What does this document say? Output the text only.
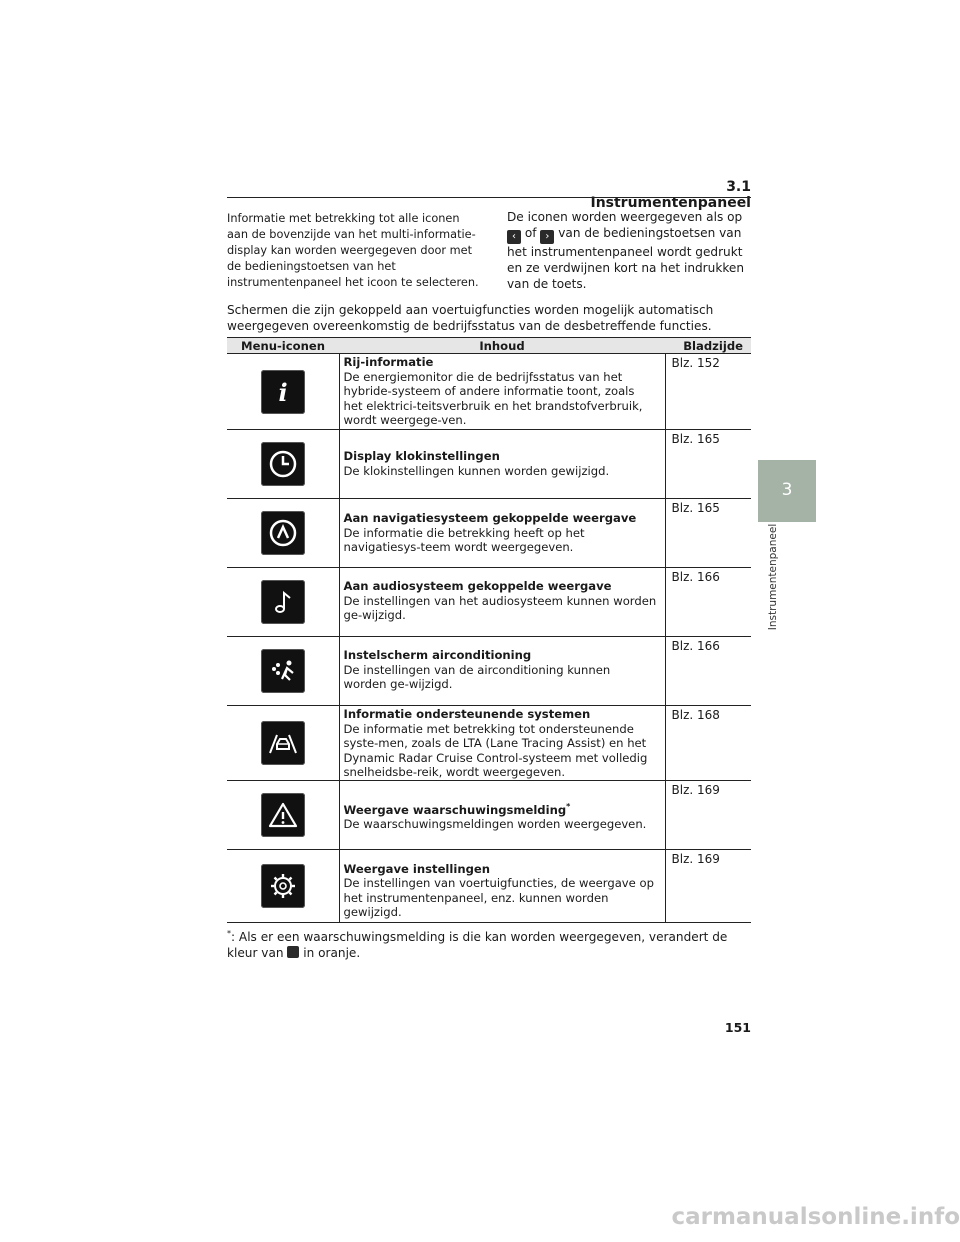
3.1 Instrumentenpaneel

Informatie met betrekking tot alle iconen aan de bovenzijde van het multi-informatie-display kan worden weergegeven door met de bedieningstoetsen van het instrumentenpaneel het icoon te selecteren.

De iconen worden weergegeven als op ‹ of › van de bedieningstoetsen van het instrumentenpaneel wordt gedrukt en ze verdwijnen kort na het indrukken van de toets.

Schermen die zijn gekoppeld aan voertuigfuncties worden mogelijk automatisch weergegeven overeenkomstig de bedrijfsstatus van de desbetreffende functies.

Menu-iconen	Inhoud	Bladzijde

i	Rij-informatie
De energiemonitor die de bedrijfsstatus van het hybride-systeem of andere informatie toont, zoals het elektrici-teitsverbruik en het brandstofverbruik, wordt weergege-ven.	Blz. 152

Display klokinstellingen
De klokinstellingen kunnen worden gewijzigd.	Blz. 165

Aan navigatiesysteem gekoppelde weergave
De informatie die betrekking heeft op het navigatiesys-teem wordt weergegeven.	Blz. 165

Aan audiosysteem gekoppelde weergave
De instellingen van het audiosysteem kunnen worden ge-wijzigd.	Blz. 166

Instelscherm airconditioning
De instellingen van de airconditioning kunnen worden ge-wijzigd.	Blz. 166

Informatie ondersteunende systemen
De informatie met betrekking tot ondersteunende syste-men, zoals de LTA (Lane Tracing Assist) en het Dynamic Radar Cruise Control-systeem met volledig snelheidsbe-reik, wordt weergegeven.	Blz. 168

Weergave waarschuwingsmelding*
De waarschuwingsmeldingen worden weergegeven.	Blz. 169

Weergave instellingen
De instellingen van voertuigfuncties, de weergave op het instrumentenpaneel, enz. kunnen worden gewijzigd.	Blz. 169

*: Als er een waarschuwingsmelding is die kan worden weergegeven, verandert de kleur van in oranje.

151
3
Instrumentenpaneel
carmanualsonline.info
